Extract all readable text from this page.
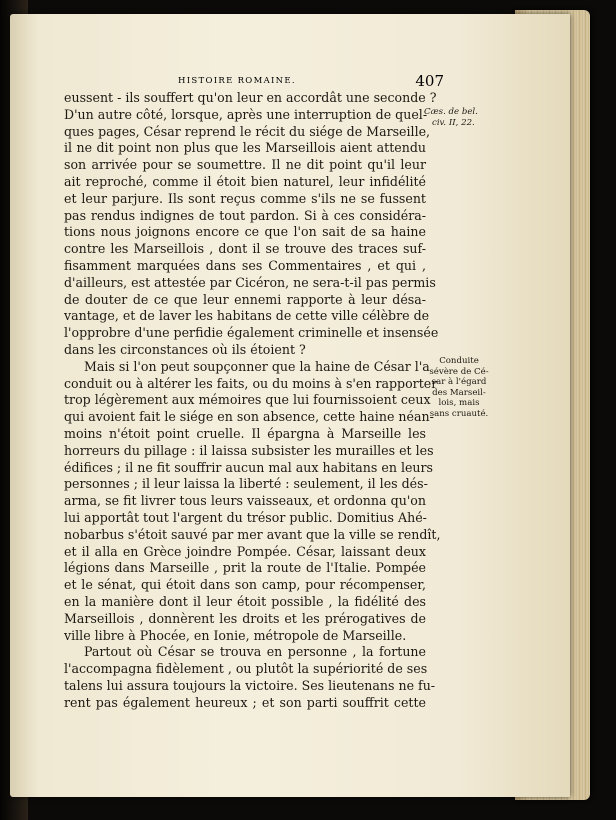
HISTOIRE ROMAINE.	407
eussent - ils souffert qu'on leur en accordât une seconde ?
D'un autre côté, lorsque, après une interruption de quel-
ques pages, César reprend le récit du siége de Marseille,
il ne dit point non plus que les Marseillois aient attendu
son arrivée pour se soumettre. Il ne dit point qu'il leur
ait reproché, comme il étoit bien naturel, leur infidélité
et leur parjure. Ils sont reçus comme s'ils ne se fussent
pas rendus indignes de tout pardon. Si à ces considéra-
tions nous joignons encore ce que l'on sait de sa haine
contre les Marseillois , dont il se trouve des traces suf-
fisamment marquées dans ses Commentaires , et qui ,
d'ailleurs, est attestée par Cicéron, ne sera-t-il pas permis
de douter de ce que leur ennemi rapporte à leur désa-
vantage, et de laver les habitans de cette ville célèbre de
l'opprobre d'une perfidie également criminelle et insensée
dans les circonstances où ils étoient ?
Mais si l'on peut soupçonner que la haine de César l'a
conduit ou à altérer les faits, ou du moins à s'en rapporter
trop légèrement aux mémoires que lui fournissoient ceux
qui avoient fait le siége en son absence, cette haine néan-
moins n'étoit point cruelle. Il épargna à Marseille les
horreurs du pillage : il laissa subsister les murailles et les
édifices ; il ne fit souffrir aucun mal aux habitans en leurs
personnes ; il leur laissa la liberté : seulement, il les dés-
arma, se fit livrer tous leurs vaisseaux, et ordonna qu'on
lui apportât tout l'argent du trésor public. Domitius Ahé-
nobarbus s'étoit sauvé par mer avant que la ville se rendît,
et il alla en Grèce joindre Pompée. César, laissant deux
légions dans Marseille , prit la route de l'Italie. Pompée
et le sénat, qui étoit dans son camp, pour récompenser,
en la manière dont il leur étoit possible , la fidélité des
Marseillois , donnèrent les droits et les prérogatives de
ville libre à Phocée, en Ionie, métropole de Marseille.
Partout où César se trouva en personne , la fortune
l'accompagna fidèlement , ou plutôt la supériorité de ses
talens lui assura toujours la victoire. Ses lieutenans ne fu-
rent pas également heureux ; et son parti souffrit cette
Cæs. de bel.
civ. II, 22.
Conduite
sévère de Cé-
sar à l'égard
des Marseil-
lois, mais
sans cruauté.
